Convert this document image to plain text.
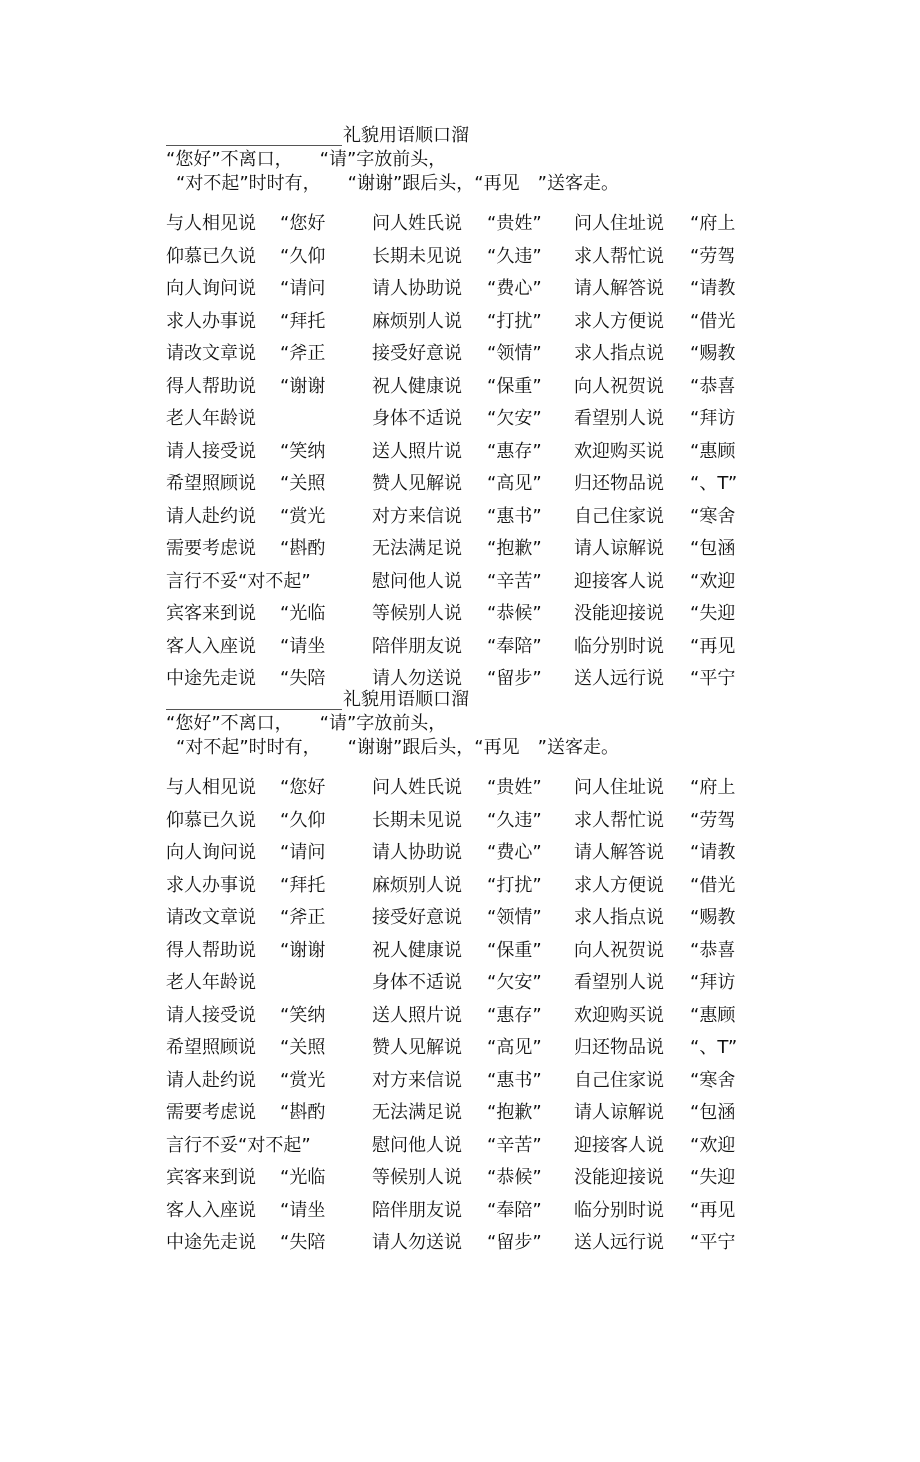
礼貌用语顺口溜
“您好”不离口，　　“请”字放前头，
“对不起”时时有，　　“谢谢”跟后头，“再见　”送客走。
与人相见说 “您好	问人姓氏说 “贵姓” 问人住址说 “府上
仰慕已久说 “久仰	长期未见说 “久违” 求人帮忙说 “劳驾
向人询问说 “请问	请人协助说 “费心” 请人解答说 “请教
求人办事说 “拜托	麻烦别人说 “打扰” 求人方便说 “借光
请改文章说 “斧正	接受好意说 “领情” 求人指点说 “赐教
得人帮助说 “谢谢	祝人健康说 “保重” 向人祝贺说 “恭喜
老人年龄说	身体不适说 “欠安” 看望别人说 “拜访
请人接受说 “笑纳	送人照片说 “惠存” 欢迎购买说 “惠顾
希望照顾说 “关照	赞人见解说 “高见” 归还物品说 “、T”
请人赴约说 “赏光	对方来信说 “惠书” 自己住家说 “寒舍
需要考虑说 “斟酌	无法满足说 “抱歉” 请人谅解说 “包涵
言行不妥“对不起”	慰问他人说 “辛苦” 迎接客人说 “欢迎
宾客来到说 “光临	等候别人说 “恭候” 没能迎接说 “失迎
客人入座说 “请坐	陪伴朋友说 “奉陪” 临分别时说 “再见
中途先走说 “失陪	请人勿送说 “留步” 送人远行说 “平宁
礼貌用语顺口溜
“您好”不离口，　　“请”字放前头，
“对不起”时时有，　　“谢谢”跟后头，“再见　”送客走。
与人相见说 “您好	问人姓氏说 “贵姓” 问人住址说 “府上
仰慕已久说 “久仰	长期未见说 “久违” 求人帮忙说 “劳驾
向人询问说 “请问	请人协助说 “费心” 请人解答说 “请教
求人办事说 “拜托	麻烦别人说 “打扰” 求人方便说 “借光
请改文章说 “斧正	接受好意说 “领情” 求人指点说 “赐教
得人帮助说 “谢谢	祝人健康说 “保重” 向人祝贺说 “恭喜
老人年龄说	身体不适说 “欠安” 看望别人说 “拜访
请人接受说 “笑纳	送人照片说 “惠存” 欢迎购买说 “惠顾
希望照顾说 “关照	赞人见解说 “高见” 归还物品说 “、T”
请人赴约说 “赏光	对方来信说 “惠书” 自己住家说 “寒舍
需要考虑说 “斟酌	无法满足说 “抱歉” 请人谅解说 “包涵
言行不妥“对不起”	慰问他人说 “辛苦” 迎接客人说 “欢迎
宾客来到说 “光临	等候别人说 “恭候” 没能迎接说 “失迎
客人入座说 “请坐	陪伴朋友说 “奉陪” 临分别时说 “再见
中途先走说 “失陪	请人勿送说 “留步” 送人远行说 “平宁
